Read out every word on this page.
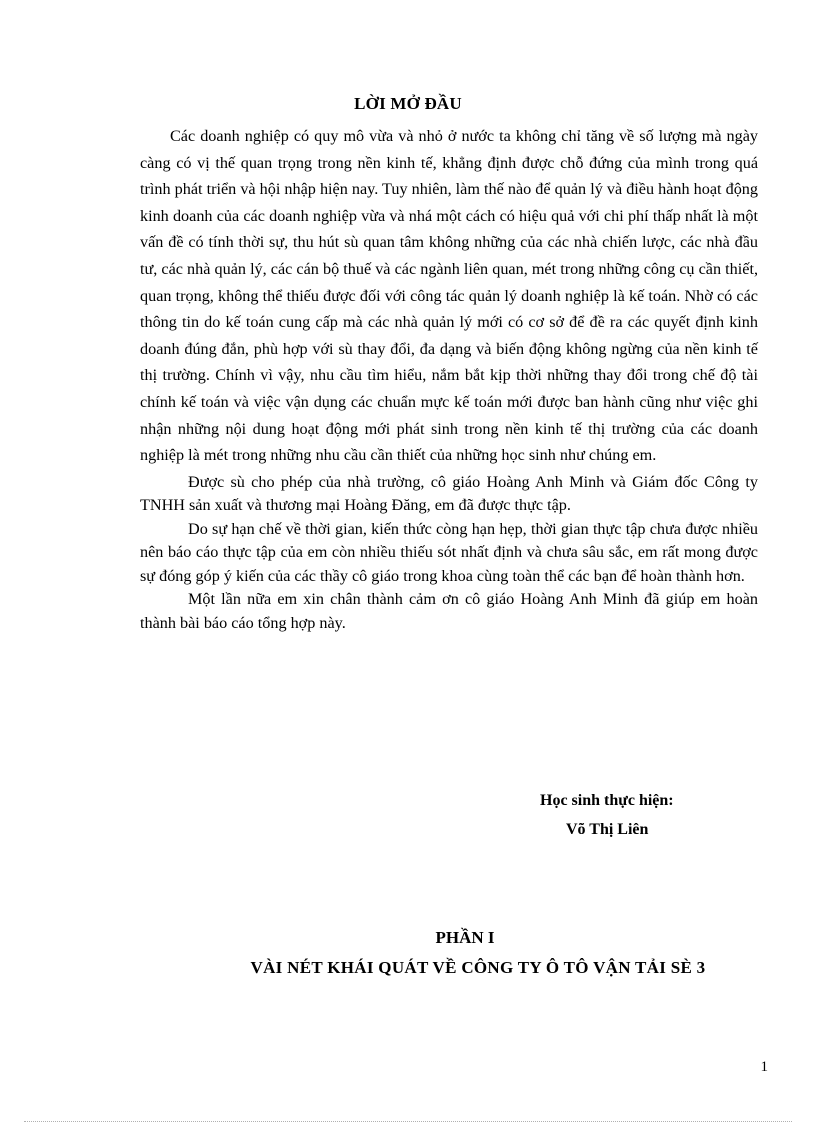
LỜI MỞ ĐẦU

Các doanh nghiệp có quy mô vừa và nhỏ ở nước ta không chỉ tăng về số lượng mà ngày càng có vị thế quan trọng trong nền kinh tế, khẳng định được chỗ đứng của mình trong quá trình phát triển và hội nhập hiện nay. Tuy nhiên, làm thế nào để quản lý và điều hành hoạt động kinh doanh của các doanh nghiệp vừa và nhá một cách có hiệu quả với chi phí thấp nhất là một vấn đề có tính thời sự, thu hút sù quan tâm không những của các nhà chiến lược, các nhà đầu tư, các nhà quản lý, các cán bộ thuế và các ngành liên quan, mét trong những công cụ cần thiết, quan trọng, không thể thiếu được đối với công tác quản lý doanh nghiệp là kế toán. Nhờ có các thông tin do kế toán cung cấp mà các nhà quản lý mới có cơ sở để đề ra các quyết định kinh doanh đúng đắn, phù hợp với sù thay đổi, đa dạng và biến động không ngừng của nền kinh tế thị trường. Chính vì vậy, nhu cầu tìm hiểu, nắm bắt kịp thời những thay đổi trong chế độ tài chính kế toán và việc vận dụng các chuẩn mực kế toán mới được ban hành cũng như việc ghi nhận những nội dung hoạt động mới phát sinh trong nền kinh tế thị trường của các doanh nghiệp là mét trong những nhu cầu cần thiết của những học sinh như chúng em.

Được sù cho phép của nhà trường, cô giáo Hoàng Anh Minh và Giám đốc Công ty TNHH sản xuất và thương mại Hoàng Đăng, em đã được thực tập.

Do sự hạn chế về thời gian, kiến thức còng hạn hẹp, thời gian thực tập chưa được nhiều nên báo cáo thực tập của em còn nhiều thiếu sót nhất định và chưa sâu sắc, em rất mong được sự đóng góp ý kiến của các thầy cô giáo trong khoa cùng toàn thể các bạn để hoàn thành hơn.

Một lần nữa em xin chân thành cảm ơn cô giáo Hoàng Anh Minh đã giúp em hoàn thành bài báo cáo tổng hợp này.

Học sinh thực hiện:
Võ Thị Liên
PHẦN I
VÀI NÉT KHÁI QUÁT VỀ CÔNG TY Ô TÔ VẬN TẢI SÈ 3
1
